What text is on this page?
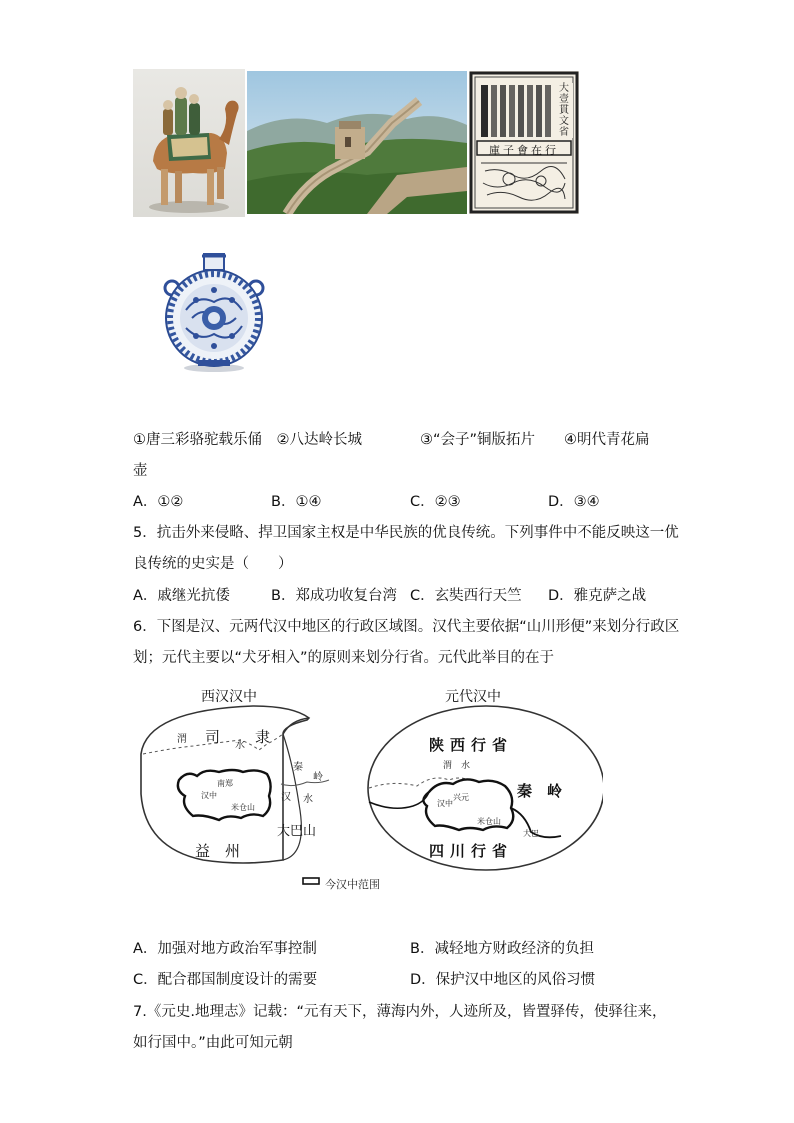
大壹貫文省
行在會子庫
①唐三彩骆驼载乐俑　②八达岭长城　　　　③“会子”铜版拓片　　④明代青花扁
壶
A．①②	B．①④	C．②③	D．③④
5．抗击外来侵略、捍卫国家主权是中华民族的优良传统。下列事件中不能反映这一优
良传统的史实是（　　）
A．戚继光抗倭	B．郑成功收复台湾 C．玄奘西行天竺 D．雅克萨之战
6．下图是汉、元两代汉中地区的行政区域图。汉代主要依据“山川形便”来划分行政区
划；元代主要以“犬牙相入”的原则来划分行省。元代此举目的在于
西汉汉中	元代汉中
渭 司 水 隶
秦
岭
南郑
汉中
米仓山
汉 水
大巴山
益　州
陕西行省
渭　水
秦　岭
兴元
汉中
米仓山
大巴
四川行省
今汉中范围
A．加强对地方政治军事控制	B．减轻地方财政经济的负担
C．配合郡国制度设计的需要	D．保护汉中地区的风俗习惯
7.《元史.地理志》记载：“元有天下，薄海内外，人迹所及，皆置驿传，使驿往来，
如行国中。”由此可知元朝
